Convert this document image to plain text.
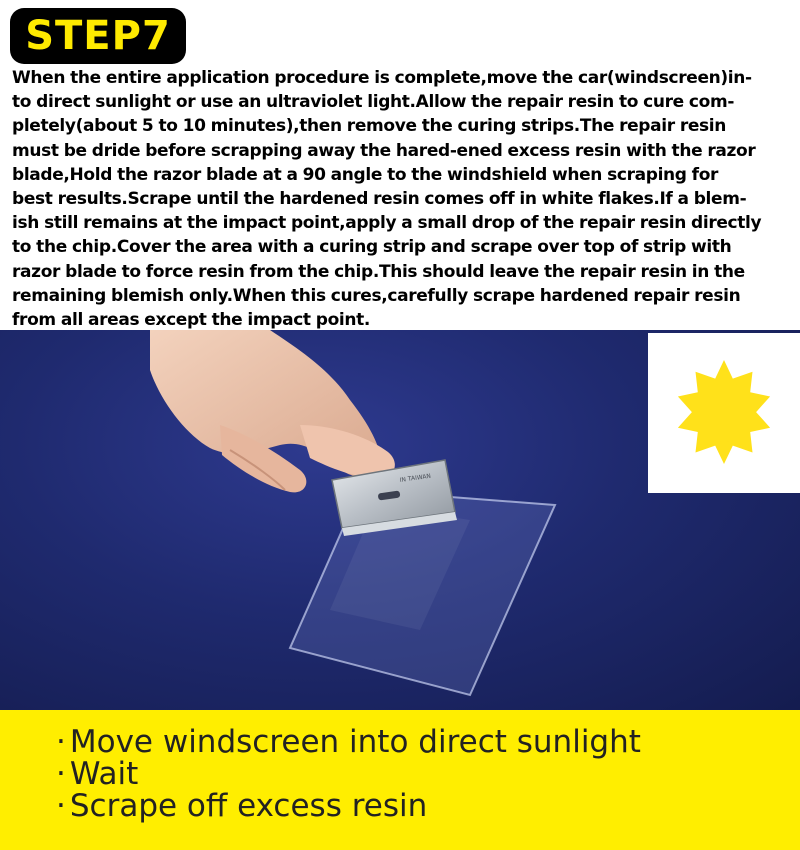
STEP7

When the entire application procedure is complete,move the car(windscreen)in-
to direct sunlight or use an ultraviolet light.Allow the repair resin to cure com-
pletely(about 5 to 10 minutes),then remove the curing strips.The repair resin
must be dride before scrapping away the hared-ened excess resin with the razor
blade,Hold the razor blade at a 90 angle to the windshield when scraping for
best results.Scrape until the hardened resin comes off in white flakes.If a blem-
ish still remains at the impact point,apply a small drop of the repair resin directly
to the chip.Cover the area with a curing strip and scrape over top of strip with
razor blade to force resin from the chip.This should leave the repair resin in the
remaining blemish only.When this cures,carefully scrape hardened repair resin
from all areas except the impact point.

IN TAIWAN
· Move windscreen into direct sunlight
· Wait
· Scrape off excess resin
